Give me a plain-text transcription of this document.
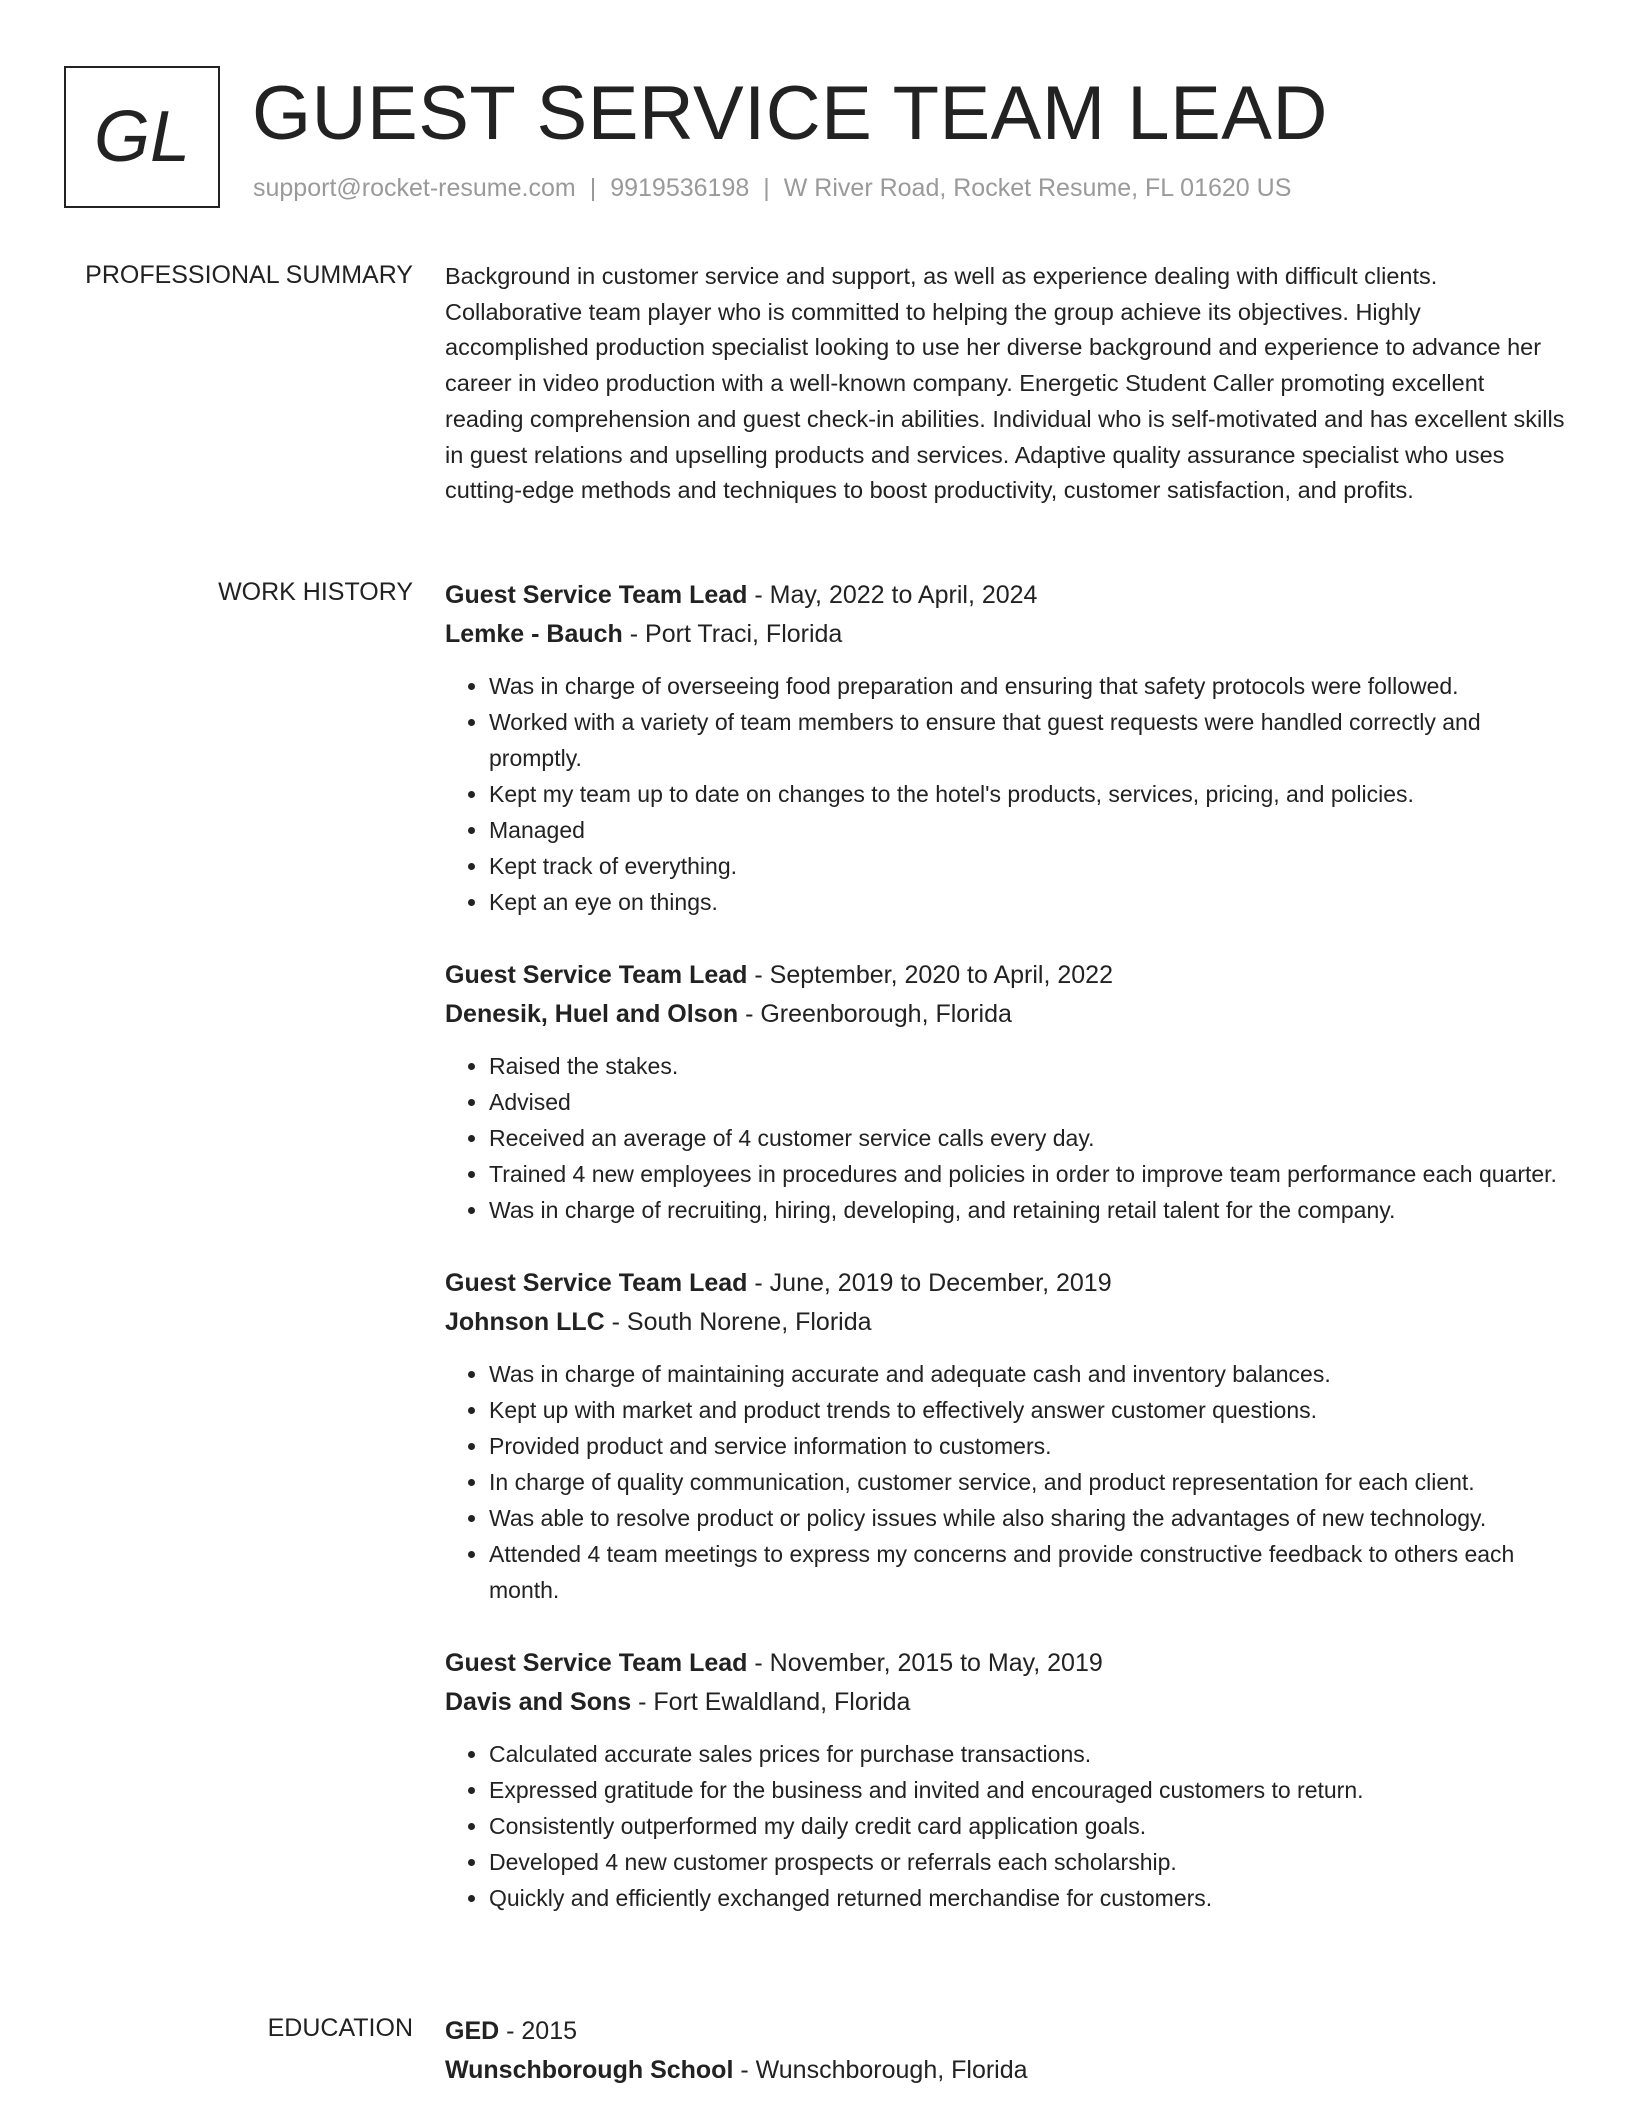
GL GUEST SERVICE TEAM LEAD
support@rocket-resume.com | 9919536198 | W River Road, Rocket Resume, FL 01620 US
PROFESSIONAL SUMMARY Background in customer service and support, as well as experience dealing with difficult clients. Collaborative team player who is committed to helping the group achieve its objectives. Highly accomplished production specialist looking to use her diverse background and experience to advance her career in video production with a well-known company. Energetic Student Caller promoting excellent reading comprehension and guest check-in abilities. Individual who is self-motivated and has excellent skills in guest relations and upselling products and services. Adaptive quality assurance specialist who uses cutting-edge methods and techniques to boost productivity, customer satisfaction, and profits.

WORK HISTORY Guest Service Team Lead - May, 2022 to April, 2024

Lemke - Bauch - Port Traci, Florida

• Was in charge of overseeing food preparation and ensuring that safety protocols were followed.
• Worked with a variety of team members to ensure that guest requests were handled correctly and promptly.
• Kept my team up to date on changes to the hotel's products, services, pricing, and policies.
• Managed
• Kept track of everything.
• Kept an eye on things.

Guest Service Team Lead - September, 2020 to April, 2022

Denesik, Huel and Olson - Greenborough, Florida

• Raised the stakes.
• Advised
• Received an average of 4 customer service calls every day.
• Trained 4 new employees in procedures and policies in order to improve team performance each quarter.
• Was in charge of recruiting, hiring, developing, and retaining retail talent for the company.

Guest Service Team Lead - June, 2019 to December, 2019

Johnson LLC - South Norene, Florida

• Was in charge of maintaining accurate and adequate cash and inventory balances.
• Kept up with market and product trends to effectively answer customer questions.
• Provided product and service information to customers.
• In charge of quality communication, customer service, and product representation for each client.
• Was able to resolve product or policy issues while also sharing the advantages of new technology.
• Attended 4 team meetings to express my concerns and provide constructive feedback to others each month.

Guest Service Team Lead - November, 2015 to May, 2019

Davis and Sons - Fort Ewaldland, Florida

• Calculated accurate sales prices for purchase transactions.
• Expressed gratitude for the business and invited and encouraged customers to return.
• Consistently outperformed my daily credit card application goals.
• Developed 4 new customer prospects or referrals each scholarship.
• Quickly and efficiently exchanged returned merchandise for customers.
EDUCATION GED - 2015

Wunschborough School - Wunschborough, Florida
